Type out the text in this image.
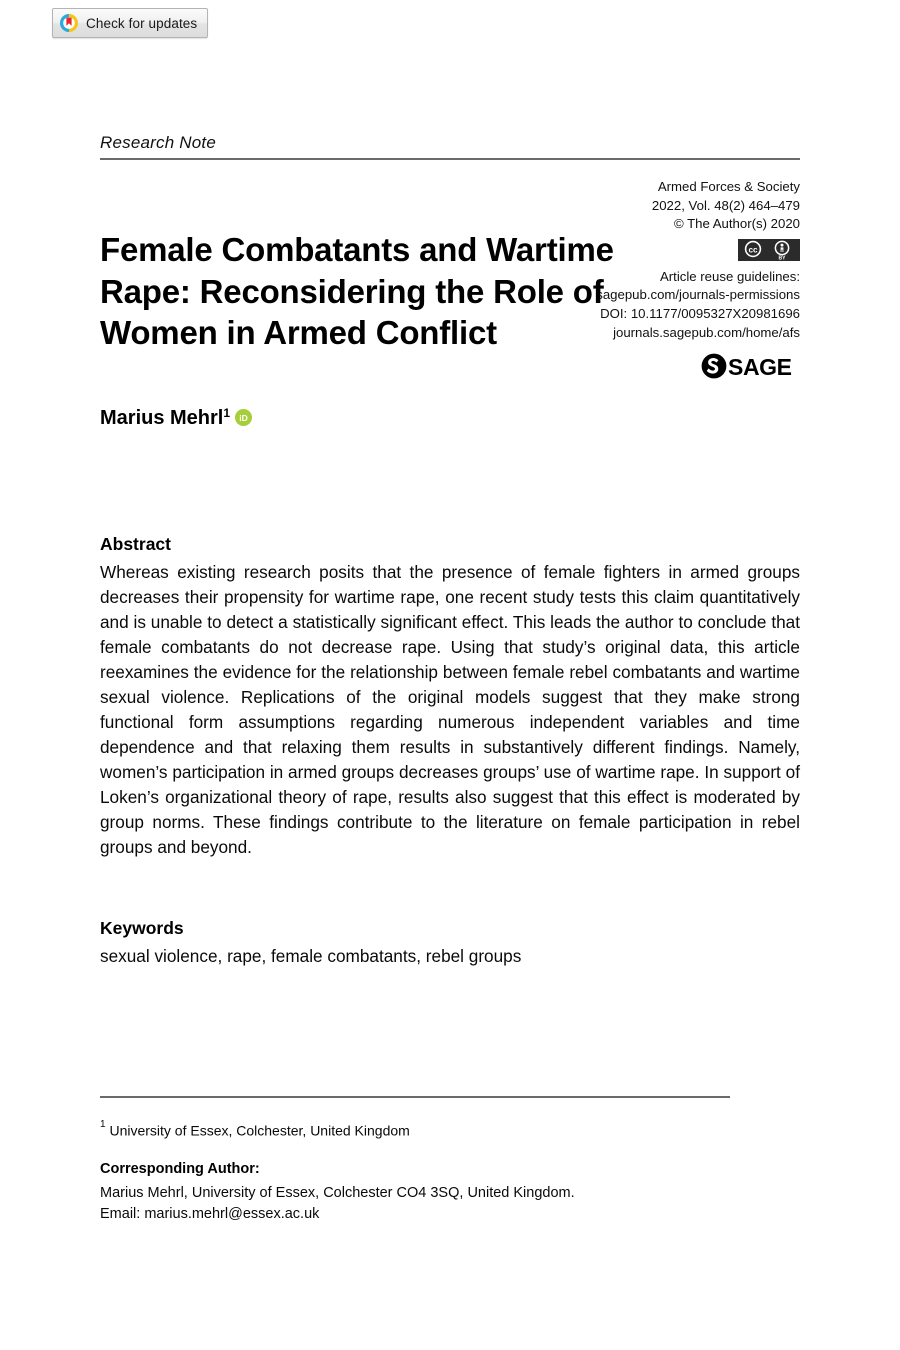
Check for updates
Research Note
Armed Forces & Society
2022, Vol. 48(2) 464–479
© The Author(s) 2020
cc
BY
Article reuse guidelines:
sagepub.com/journals-permissions
DOI: 10.1177/0095327X20981696
journals.sagepub.com/home/afs
SAGE
Female Combatants and Wartime Rape: Reconsidering the Role of Women in Armed Conflict
Marius Mehrl 1 iD
Abstract
Whereas existing research posits that the presence of female fighters in armed groups decreases their propensity for wartime rape, one recent study tests this claim quantitatively and is unable to detect a statistically significant effect. This leads the author to conclude that female combatants do not decrease rape. Using that study’s original data, this article reexamines the evidence for the relationship between female rebel combatants and wartime sexual violence. Replications of the original models suggest that they make strong functional form assumptions regarding numerous independent variables and time dependence and that relaxing them results in substantively different findings. Namely, women’s participation in armed groups decreases groups’ use of wartime rape. In support of Loken’s organizational theory of rape, results also suggest that this effect is moderated by group norms. These findings contribute to the literature on female participation in rebel groups and beyond.
Keywords
sexual violence, rape, female combatants, rebel groups
$^1$ University of Essex, Colchester, United Kingdom
Corresponding Author:
Marius Mehrl, University of Essex, Colchester CO4 3SQ, United Kingdom.
Email: marius.mehrl@essex.ac.uk
